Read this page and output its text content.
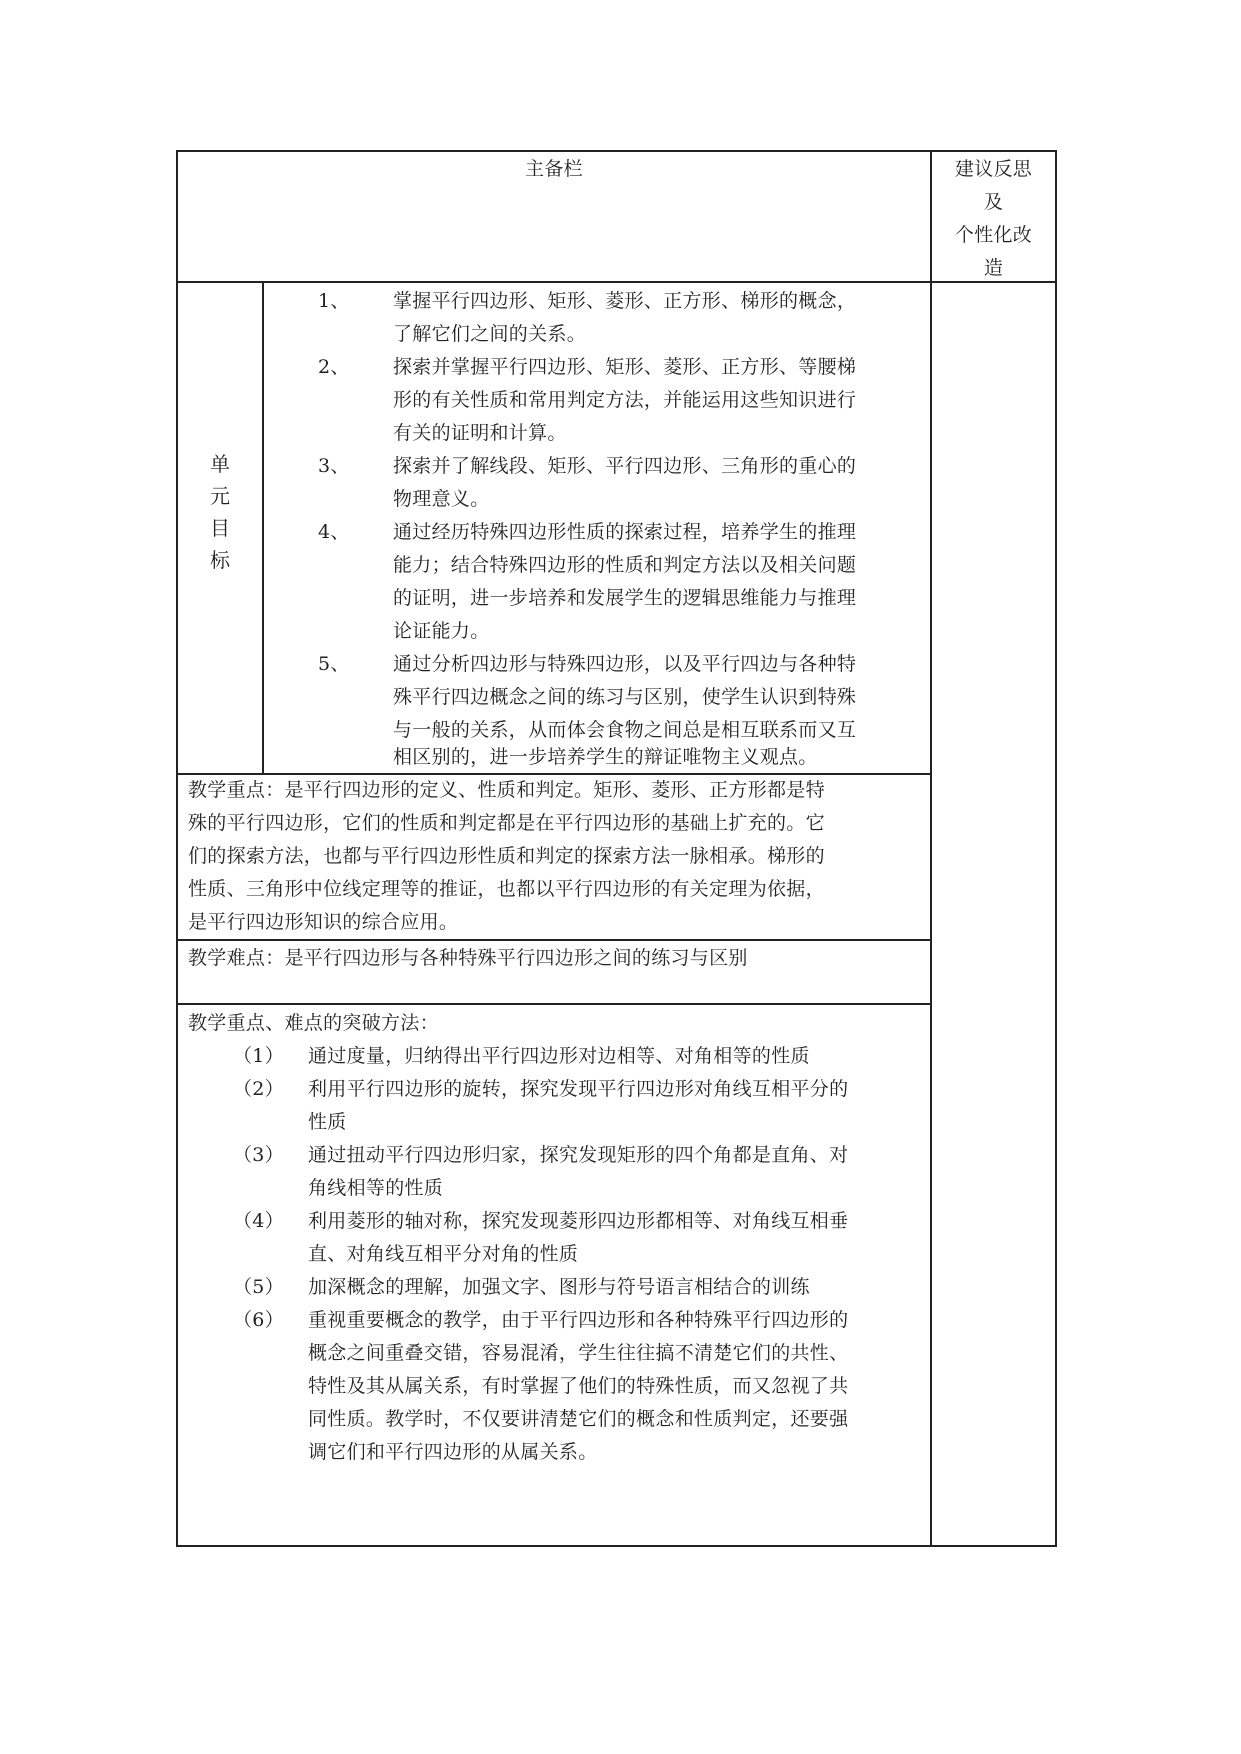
主备栏	建议反思
及
个性化改
造
单
元
目
标
1、 掌握平行四边形、矩形、菱形、正方形、梯形的概念，
了解它们之间的关系。
2、 探索并掌握平行四边形、矩形、菱形、正方形、等腰梯
形的有关性质和常用判定方法，并能运用这些知识进行
有关的证明和计算。
3、 探索并了解线段、矩形、平行四边形、三角形的重心的
物理意义。
4、 通过经历特殊四边形性质的探索过程，培养学生的推理
能力；结合特殊四边形的性质和判定方法以及相关问题
的证明，进一步培养和发展学生的逻辑思维能力与推理
论证能力。
5、 通过分析四边形与特殊四边形，以及平行四边与各种特
殊平行四边概念之间的练习与区别，使学生认识到特殊
与一般的关系，从而体会食物之间总是相互联系而又互
相区别的，进一步培养学生的辩证唯物主义观点。
教学重点：是平行四边形的定义、性质和判定。矩形、菱形、正方形都是特
殊的平行四边形，它们的性质和判定都是在平行四边形的基础上扩充的。它
们的探索方法，也都与平行四边形性质和判定的探索方法一脉相承。梯形的
性质、三角形中位线定理等的推证，也都以平行四边形的有关定理为依据，
是平行四边形知识的综合应用。
教学难点：是平行四边形与各种特殊平行四边形之间的练习与区别
教学重点、难点的突破方法：
（1） 通过度量，归纳得出平行四边形对边相等、对角相等的性质
（2） 利用平行四边形的旋转，探究发现平行四边形对角线互相平分的
性质
（3） 通过扭动平行四边形归家，探究发现矩形的四个角都是直角、对
角线相等的性质
（4） 利用菱形的轴对称，探究发现菱形四边形都相等、对角线互相垂
直、对角线互相平分对角的性质
（5） 加深概念的理解，加强文字、图形与符号语言相结合的训练
（6） 重视重要概念的教学，由于平行四边形和各种特殊平行四边形的
概念之间重叠交错，容易混淆，学生往往搞不清楚它们的共性、
特性及其从属关系，有时掌握了他们的特殊性质，而又忽视了共
同性质。教学时，不仅要讲清楚它们的概念和性质判定，还要强
调它们和平行四边形的从属关系。
